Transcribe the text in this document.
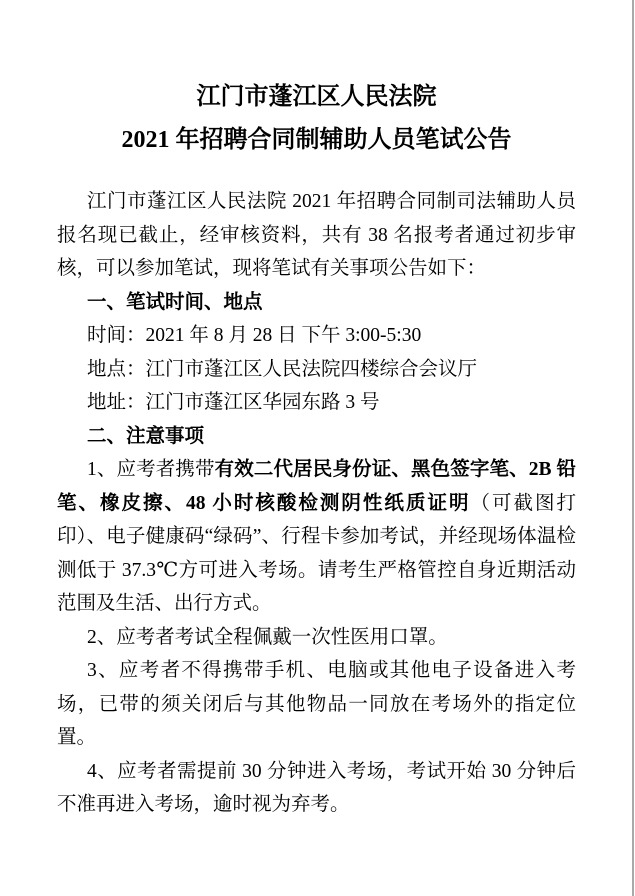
江门市蓬江区人民法院
2021 年招聘合同制辅助人员笔试公告

江门市蓬江区人民法院 2021 年招聘合同制司法辅助人员报名现已截止，经审核资料，共有 38 名报考者通过初步审核，可以参加笔试，现将笔试有关事项公告如下：

一、笔试时间、地点

时间：2021 年 8 月 28 日 下午 3:00-5:30

地点：江门市蓬江区人民法院四楼综合会议厅

地址：江门市蓬江区华园东路 3 号

二、注意事项

1、应考者携带有效二代居民身份证、黑色签字笔、2B 铅笔、橡皮擦、48 小时核酸检测阴性纸质证明（可截图打印）、电子健康码“绿码”、行程卡参加考试，并经现场体温检测低于 37.3℃方可进入考场。请考生严格管控自身近期活动范围及生活、出行方式。

2、应考者考试全程佩戴一次性医用口罩。

3、应考者不得携带手机、电脑或其他电子设备进入考场，已带的须关闭后与其他物品一同放在考场外的指定位置。

4、应考者需提前 30 分钟进入考场，考试开始 30 分钟后不准再进入考场，逾时视为弃考。
